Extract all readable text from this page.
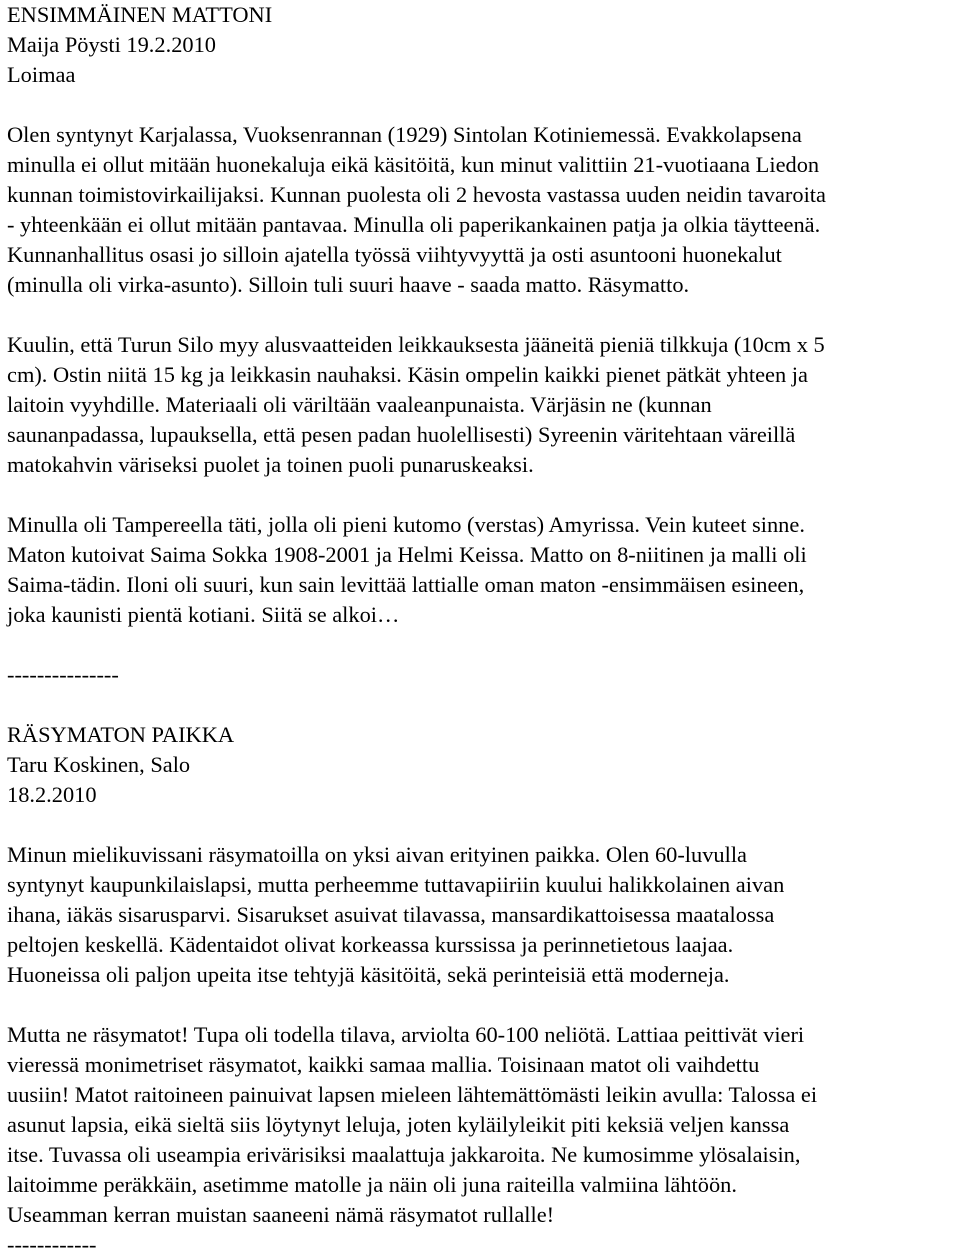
ENSIMMÄINEN MATTONI
Maija Pöysti 19.2.2010
Loimaa
Olen syntynyt Karjalassa, Vuoksenrannan (1929) Sintolan Kotiniemessä. Evakkolapsena
minulla ei ollut mitään huonekaluja eikä käsitöitä, kun minut valittiin 21-vuotiaana Liedon
kunnan toimistovirkailijaksi. Kunnan puolesta oli 2 hevosta vastassa uuden neidin tavaroita
- yhteenkään ei ollut mitään pantavaa. Minulla oli paperikankainen patja ja olkia täytteenä.
Kunnanhallitus osasi jo silloin ajatella työssä viihtyvyyttä ja osti asuntooni huonekalut
(minulla oli virka-asunto). Silloin tuli suuri haave - saada matto. Räsymatto.
Kuulin, että Turun Silo myy alusvaatteiden leikkauksesta jääneitä pieniä tilkkuja (10cm x 5
cm). Ostin niitä 15 kg ja leikkasin nauhaksi. Käsin ompelin kaikki pienet pätkät yhteen ja
laitoin vyyhdille. Materiaali oli väriltään vaaleanpunaista. Värjäsin ne (kunnan
saunanpadassa, lupauksella, että pesen padan huolellisesti) Syreenin väritehtaan väreillä
matokahvin väriseksi puolet ja toinen puoli punaruskeaksi.
Minulla oli Tampereella täti, jolla oli pieni kutomo (verstas) Amyrissa. Vein kuteet sinne.
Maton kutoivat Saima Sokka 1908-2001 ja Helmi Keissa. Matto on 8-niitinen ja malli oli
Saima-tädin. Iloni oli suuri, kun sain levittää lattialle oman maton -ensimmäisen esineen,
joka kaunisti pientä kotiani. Siitä se alkoi…
---------------
RÄSYMATON PAIKKA
Taru Koskinen, Salo
18.2.2010
Minun mielikuvissani räsymatoilla on yksi aivan erityinen paikka. Olen 60-luvulla
syntynyt kaupunkilaislapsi, mutta perheemme tuttavapiiriin kuului halikkolainen aivan
ihana, iäkäs sisarusparvi. Sisarukset asuivat tilavassa, mansardikattoisessa maatalossa
peltojen keskellä. Kädentaidot olivat korkeassa kurssissa ja perinnetietous laajaa.
Huoneissa oli paljon upeita itse tehtyjä käsitöitä, sekä perinteisiä että moderneja.
Mutta ne räsymatot! Tupa oli todella tilava, arviolta 60-100 neliötä. Lattiaa peittivät vieri
vieressä monimetriset räsymatot, kaikki samaa mallia. Toisinaan matot oli vaihdettu
uusiin! Matot raitoineen painuivat lapsen mieleen lähtemättömästi leikin avulla: Talossa ei
asunut lapsia, eikä sieltä siis löytynyt leluja, joten kyläilyleikit piti keksiä veljen kanssa
itse. Tuvassa oli useampia erivärisiksi maalattuja jakkaroita. Ne kumosimme ylösalaisin,
laitoimme peräkkäin, asetimme matolle ja näin oli juna raiteilla valmiina lähtöön.
Useamman kerran muistan saaneeni nämä räsymatot rullalle!
------------
